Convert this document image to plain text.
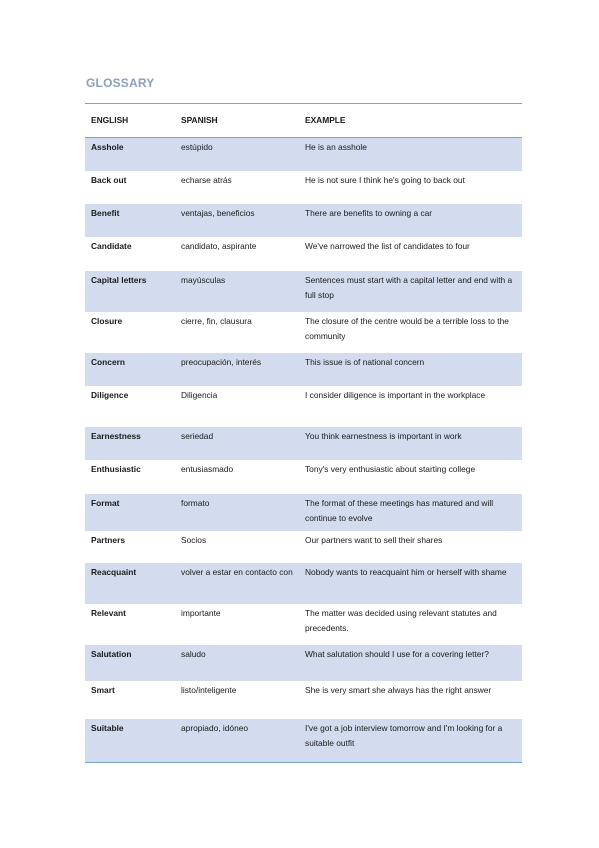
GLOSSARY
ENGLISH	SPANISH	EXAMPLE
Asshole	estúpido	He is an asshole
Back out	echarse atrás	He is not sure I think he's going to back out
Benefit	ventajas, beneficios	There are benefits to owning a car
Candidate	candidato, aspirante	We've narrowed the list of candidates to four
Capital letters	mayúsculas	Sentences must start with a capital letter and end with a full stop
Closure	cierre, fin, clausura	The closure of the centre would be a terrible loss to the community
Concern	preocupación, interés	This issue is of national concern
Diligence	Diligencia	I consider diligence is important in the workplace
Earnestness	seriedad	You think earnestness is important in work
Enthusiastic	entusiasmado	Tony's very enthusiastic about starting college
Format	formato	The format of these meetings has matured and will continue to evolve
Partners	Socios	Our partners want to sell their shares
Reacquaint	volver a estar en contacto con	Nobody wants to reacquaint him or herself with shame
Relevant	importante	The matter was decided using relevant statutes and precedents.
Salutation	saludo	What salutation should I use for a covering letter?
Smart	listo/inteligente	She is very smart she always has the right answer
Suitable	apropiado, idóneo	I've got a job interview tomorrow and I'm looking for a suitable outfit
